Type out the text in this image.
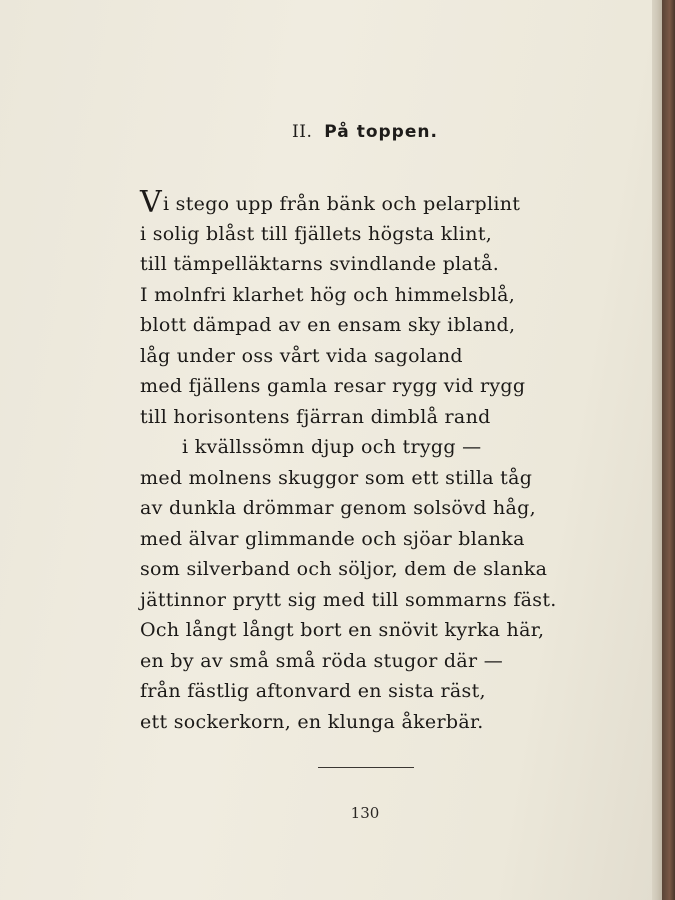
II. På toppen.
Vi stego upp från bänk och pelarplint
i solig blåst till fjällets högsta klint,
till tämpelläktarns svindlande platå.
I molnfri klarhet hög och himmelsblå,
blott dämpad av en ensam sky ibland,
låg under oss vårt vida sagoland
med fjällens gamla resar rygg vid rygg
till horisontens fjärran dimblå rand
i kvällssömn djup och trygg —
med molnens skuggor som ett stilla tåg
av dunkla drömmar genom solsövd håg,
med älvar glimmande och sjöar blanka
som silverband och söljor, dem de slanka
jättinnor prytt sig med till sommarns fäst.
Och långt långt bort en snövit kyrka här,
en by av små små röda stugor där —
från fästlig aftonvard en sista räst,
ett sockerkorn, en klunga åkerbär.
130
